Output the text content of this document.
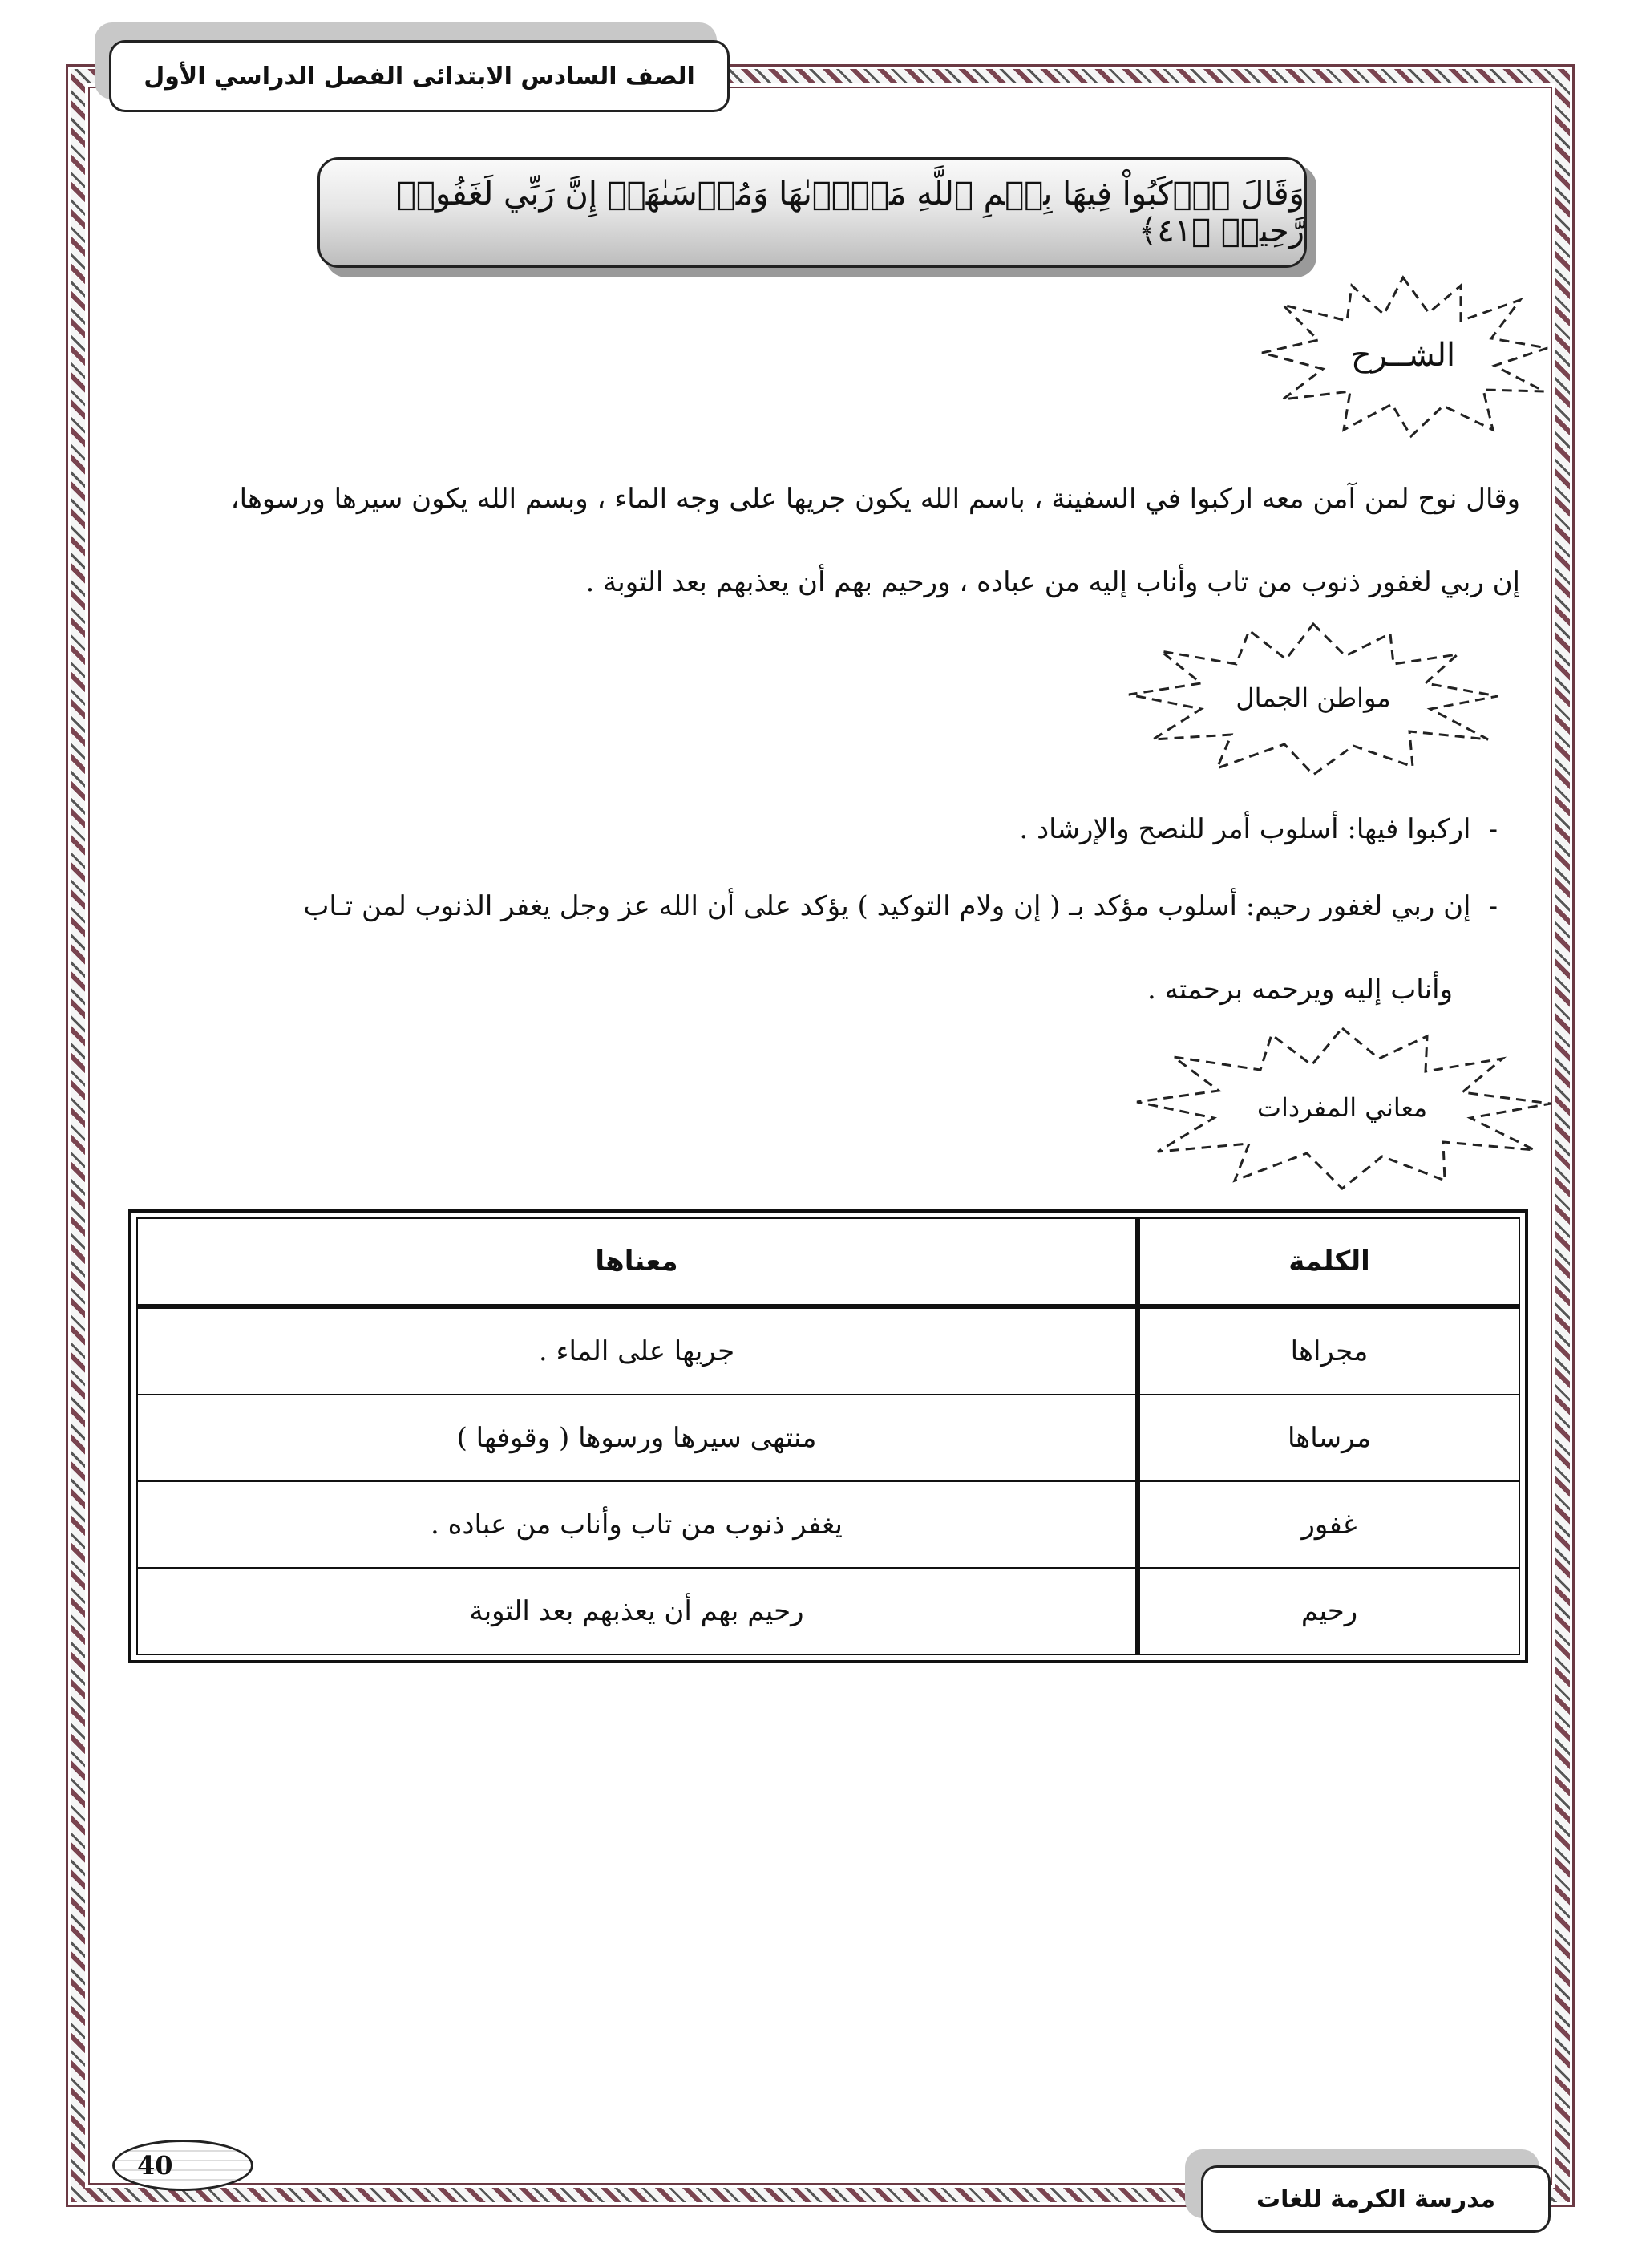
الصف السادس الابتدائى الفصل الدراسي الأول
وَقَالَ ٱرۡكَبُواْ فِيهَا بِسۡمِ ٱللَّهِ مَجۡرٜىٰهَا وَمُرۡسَىٰهَآۚ إِنَّ رَبِّي لَغَفُورٞ رَّحِيمٞ ﴿٤١﴾
الشــرح
وقال نوح لمن آمن معه اركبوا في السفينة ، باسم الله يكون جريها على وجه الماء ، وبسم الله يكون سيرها ورسوها،
إن ربي لغفور ذنوب من تاب وأناب إليه من عباده ، ورحيم بهم أن يعذبهم بعد التوبة .
مواطن الجمال
-اركبوا فيها: أسلوب أمر للنصح والإرشاد .
-إن ربي لغفور رحيم: أسلوب مؤكد بـ ( إن ولام التوكيد ) يؤكد على أن الله عز وجل يغفر الذنوب لمن تـاب
وأناب إليه ويرحمه برحمته .
معاني المفردات
الكلمة	معناها
مجراها	جريها على الماء .
مرساها	منتهى سيرها ورسوها ( وقوفها )
غفور	يغفر ذنوب من تاب وأناب من عباده .
رحيم	رحيم بهم أن يعذبهم بعد التوبة
40
مدرسة الكرمة للغات
